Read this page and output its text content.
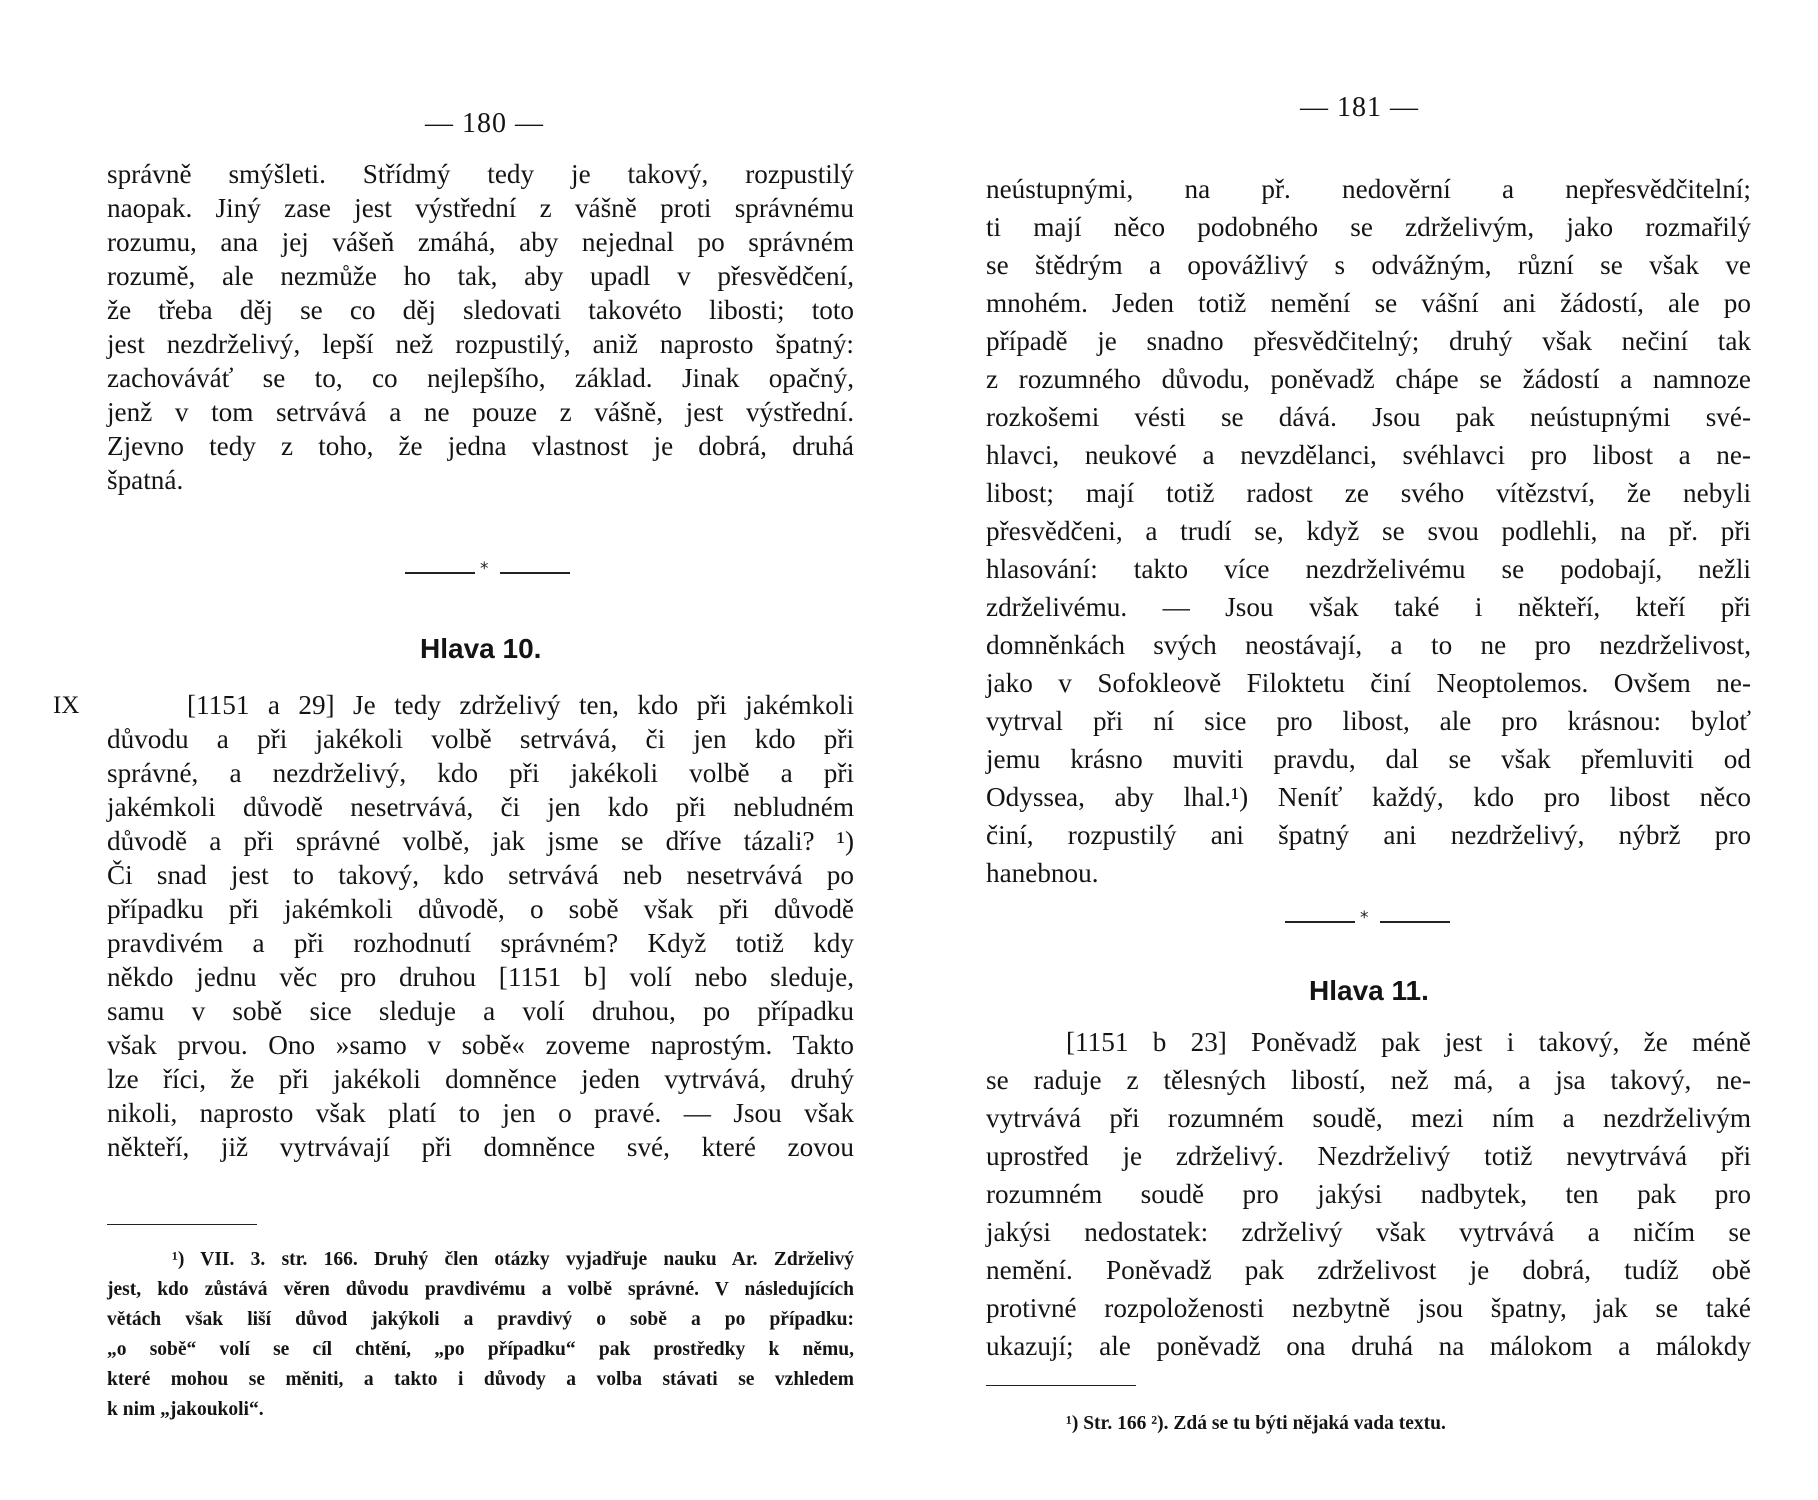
— 180 —
správně smýšleti. Střídmý tedy je takový, rozpustilý
naopak. Jiný zase jest výstřední z vášně proti správnému
rozumu, ana jej vášeň zmáhá, aby nejednal po správném
rozumě, ale nezmůže ho tak, aby upadl v přesvědčení,
že třeba děj se co děj sledovati takovéto libosti; toto
jest nezdrželivý, lepší než rozpustilý, aniž naprosto špatný:
zachováváť se to, co nejlepšího, základ. Jinak opačný,
jenž v tom setrvává a ne pouze z vášně, jest výstřední.
Zjevno tedy z toho, že jedna vlastnost je dobrá, druhá
špatná.
*
Hlava 10.
IX	[1151 a 29] Je tedy zdrželivý ten, kdo při jakémkoli
důvodu a při jakékoli volbě setrvává, či jen kdo při
správné, a nezdrželivý, kdo při jakékoli volbě a při
jakémkoli důvodě nesetrvává, či jen kdo při nebludném
důvodě a při správné volbě, jak jsme se dříve tázali? ¹)
Či snad jest to takový, kdo setrvává neb nesetrvává po
případku při jakémkoli důvodě, o sobě však při důvodě
pravdivém a při rozhodnutí správném? Když totiž kdy
někdo jednu věc pro druhou [1151 b] volí nebo sleduje,
samu v sobě sice sleduje a volí druhou, po případku
však prvou. Ono »samo v sobě« zoveme naprostým. Takto
lze říci, že při jakékoli domněnce jeden vytrvává, druhý
nikoli, naprosto však platí to jen o pravé. — Jsou však
někteří, již vytrvávají při domněnce své, které zovou
¹) VII. 3. str. 166. Druhý člen otázky vyjadřuje nauku Ar. Zdrželivý
jest, kdo zůstává věren důvodu pravdivému a volbě správné. V následujících
větách však liší důvod jakýkoli a pravdivý o sobě a po případku:
„o sobě“ volí se cíl chtění, „po případku“ pak prostředky k němu,
které mohou se měniti, a takto i důvody a volba stávati se vzhledem
k nim „jakoukoli“.
— 181 —
neústupnými, na př. nedověrní a nepřesvědčitelní;
ti mají něco podobného se zdrželivým, jako rozmařilý
se štědrým a opovážlivý s odvážným, různí se však ve
mnohém. Jeden totiž nemění se vášní ani žádostí, ale po
případě je snadno přesvědčitelný; druhý však nečiní tak
z rozumného důvodu, poněvadž chápe se žádostí a namnoze
rozkošemi vésti se dává. Jsou pak neústupnými své-
hlavci, neukové a nevzdělanci, svéhlavci pro libost a ne-
libost; mají totiž radost ze svého vítězství, že nebyli
přesvědčeni, a trudí se, když se svou podlehli, na př. při
hlasování: takto více nezdrželivému se podobají, nežli
zdrželivému. — Jsou však také i někteří, kteří při
domněnkách svých neostávají, a to ne pro nezdrželivost,
jako v Sofokleově Filoktetu činí Neoptolemos. Ovšem ne-
vytrval při ní sice pro libost, ale pro krásnou: byloť
jemu krásno muviti pravdu, dal se však přemluviti od
Odyssea, aby lhal.¹) Neníť každý, kdo pro libost něco
činí, rozpustilý ani špatný ani nezdrželivý, nýbrž pro
hanebnou.
*
Hlava 11.
[1151 b 23] Poněvadž pak jest i takový, že méně
se raduje z tělesných libostí, než má, a jsa takový, ne-
vytrvává při rozumném soudě, mezi ním a nezdrželivým
uprostřed je zdrželivý. Nezdrželivý totiž nevytrvává při
rozumném soudě pro jakýsi nadbytek, ten pak pro
jakýsi nedostatek: zdrželivý však vytrvává a ničím se
nemění. Poněvadž pak zdrželivost je dobrá, tudíž obě
protivné rozpoloženosti nezbytně jsou špatny, jak se také
ukazují; ale poněvadž ona druhá na málokom a málokdy
¹) Str. 166 ²). Zdá se tu býti nějaká vada textu.
